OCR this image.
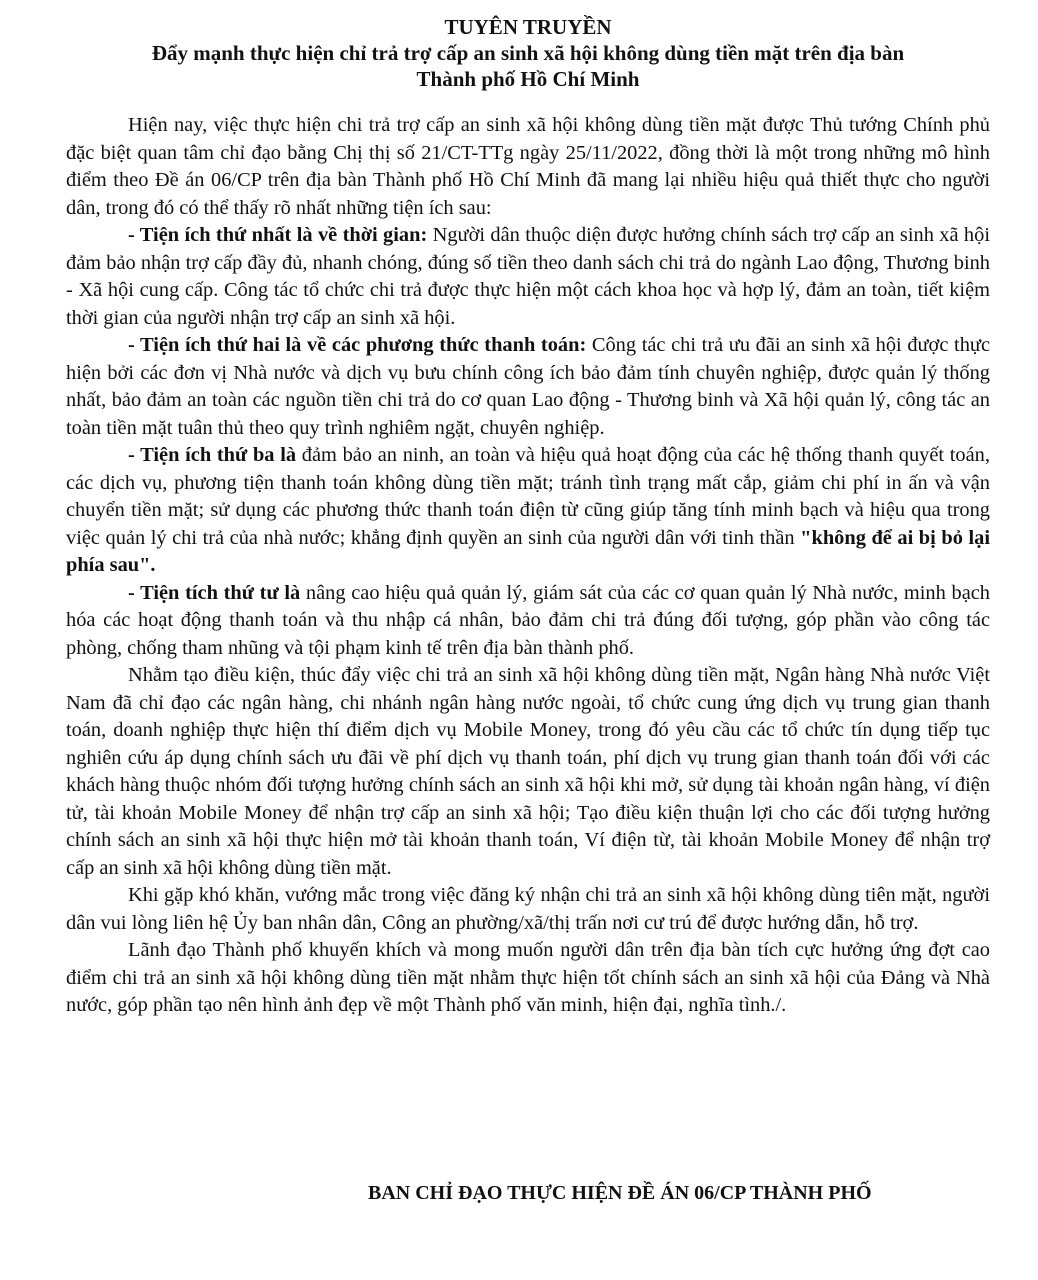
TUYÊN TRUYỀN

Đẩy mạnh thực hiện chỉ trả trợ cấp an sinh xã hội không dùng tiền mặt trên địa bàn

Thành phố Hồ Chí Minh

Hiện nay, việc thực hiện chi trả trợ cấp an sinh xã hội không dùng tiền mặt được Thủ tướng Chính phủ đặc biệt quan tâm chỉ đạo bằng Chị thị số 21/CT-TTg ngày 25/11/2022, đồng thời là một trong những mô hình điểm theo Đề án 06/CP trên địa bàn Thành phố Hồ Chí Minh đã mang lại nhiều hiệu quả thiết thực cho người dân, trong đó có thể thấy rõ nhất những tiện ích sau:

- Tiện ích thứ nhất là về thời gian: Người dân thuộc diện được hưởng chính sách trợ cấp an sinh xã hội đảm bảo nhận trợ cấp đầy đủ, nhanh chóng, đúng số tiền theo danh sách chi trả do ngành Lao động, Thương binh - Xã hội cung cấp. Công tác tổ chức chi trả được thực hiện một cách khoa học và hợp lý, đảm an toàn, tiết kiệm thời gian của người nhận trợ cấp an sinh xã hội.

- Tiện ích thứ hai là về các phương thức thanh toán: Công tác chi trả ưu đãi an sinh xã hội được thực hiện bởi các đơn vị Nhà nước và dịch vụ bưu chính công ích bảo đảm tính chuyên nghiệp, được quản lý thống nhất, bảo đảm an toàn các nguồn tiền chi trả do cơ quan Lao động - Thương binh và Xã hội quản lý, công tác an toàn tiền mặt tuân thủ theo quy trình nghiêm ngặt, chuyên nghiệp.

- Tiện ích thứ ba là đảm bảo an ninh, an toàn và hiệu quả hoạt động của các hệ thống thanh quyết toán, các dịch vụ, phương tiện thanh toán không dùng tiền mặt; tránh tình trạng mất cắp, giảm chi phí in ấn và vận chuyển tiền mặt; sử dụng các phương thức thanh toán điện từ cũng giúp tăng tính minh bạch và hiệu qua trong việc quản lý chi trả của nhà nước; khẳng định quyền an sinh của người dân với tinh thần "không để ai bị bỏ lại phía sau".

- Tiện tích thứ tư là nâng cao hiệu quả quản lý, giám sát của các cơ quan quản lý Nhà nước, minh bạch hóa các hoạt động thanh toán và thu nhập cá nhân, bảo đảm chi trả đúng đối tượng, góp phần vào công tác phòng, chống tham nhũng và tội phạm kinh tế trên địa bàn thành phố.

Nhằm tạo điều kiện, thúc đẩy việc chi trả an sinh xã hội không dùng tiền mặt, Ngân hàng Nhà nước Việt Nam đã chỉ đạo các ngân hàng, chi nhánh ngân hàng nước ngoài, tổ chức cung ứng dịch vụ trung gian thanh toán, doanh nghiệp thực hiện thí điểm dịch vụ Mobile Money, trong đó yêu cầu các tổ chức tín dụng tiếp tục nghiên cứu áp dụng chính sách ưu đãi về phí dịch vụ thanh toán, phí dịch vụ trung gian thanh toán đối với các khách hàng thuộc nhóm đối tượng hưởng chính sách an sinh xã hội khi mở, sử dụng tài khoản ngân hàng, ví điện tử, tài khoản Mobile Money để nhận trợ cấp an sinh xã hội; Tạo điều kiện thuận lợi cho các đối tượng hưởng chính sách an sinh xã hội thực hiện mở tài khoản thanh toán, Ví điện từ, tài khoản Mobile Money để nhận trợ cấp an sinh xã hội không dùng tiền mặt.

Khi gặp khó khăn, vướng mắc trong việc đăng ký nhận chi trả an sinh xã hội không dùng tiên mặt, người dân vui lòng liên hệ Ủy ban nhân dân, Công an phường/xã/thị trấn nơi cư trú để được hướng dẫn, hỗ trợ.

Lãnh đạo Thành phố khuyến khích và mong muốn người dân trên địa bàn tích cực hưởng ứng đợt cao điểm chi trả an sinh xã hội không dùng tiền mặt nhằm thực hiện tốt chính sách an sinh xã hội của Đảng và Nhà nước, góp phần tạo nên hình ảnh đẹp về một Thành phố văn minh, hiện đại, nghĩa tình./.

BAN CHỈ ĐẠO THỰC HIỆN ĐỀ ÁN 06/CP THÀNH PHỐ
